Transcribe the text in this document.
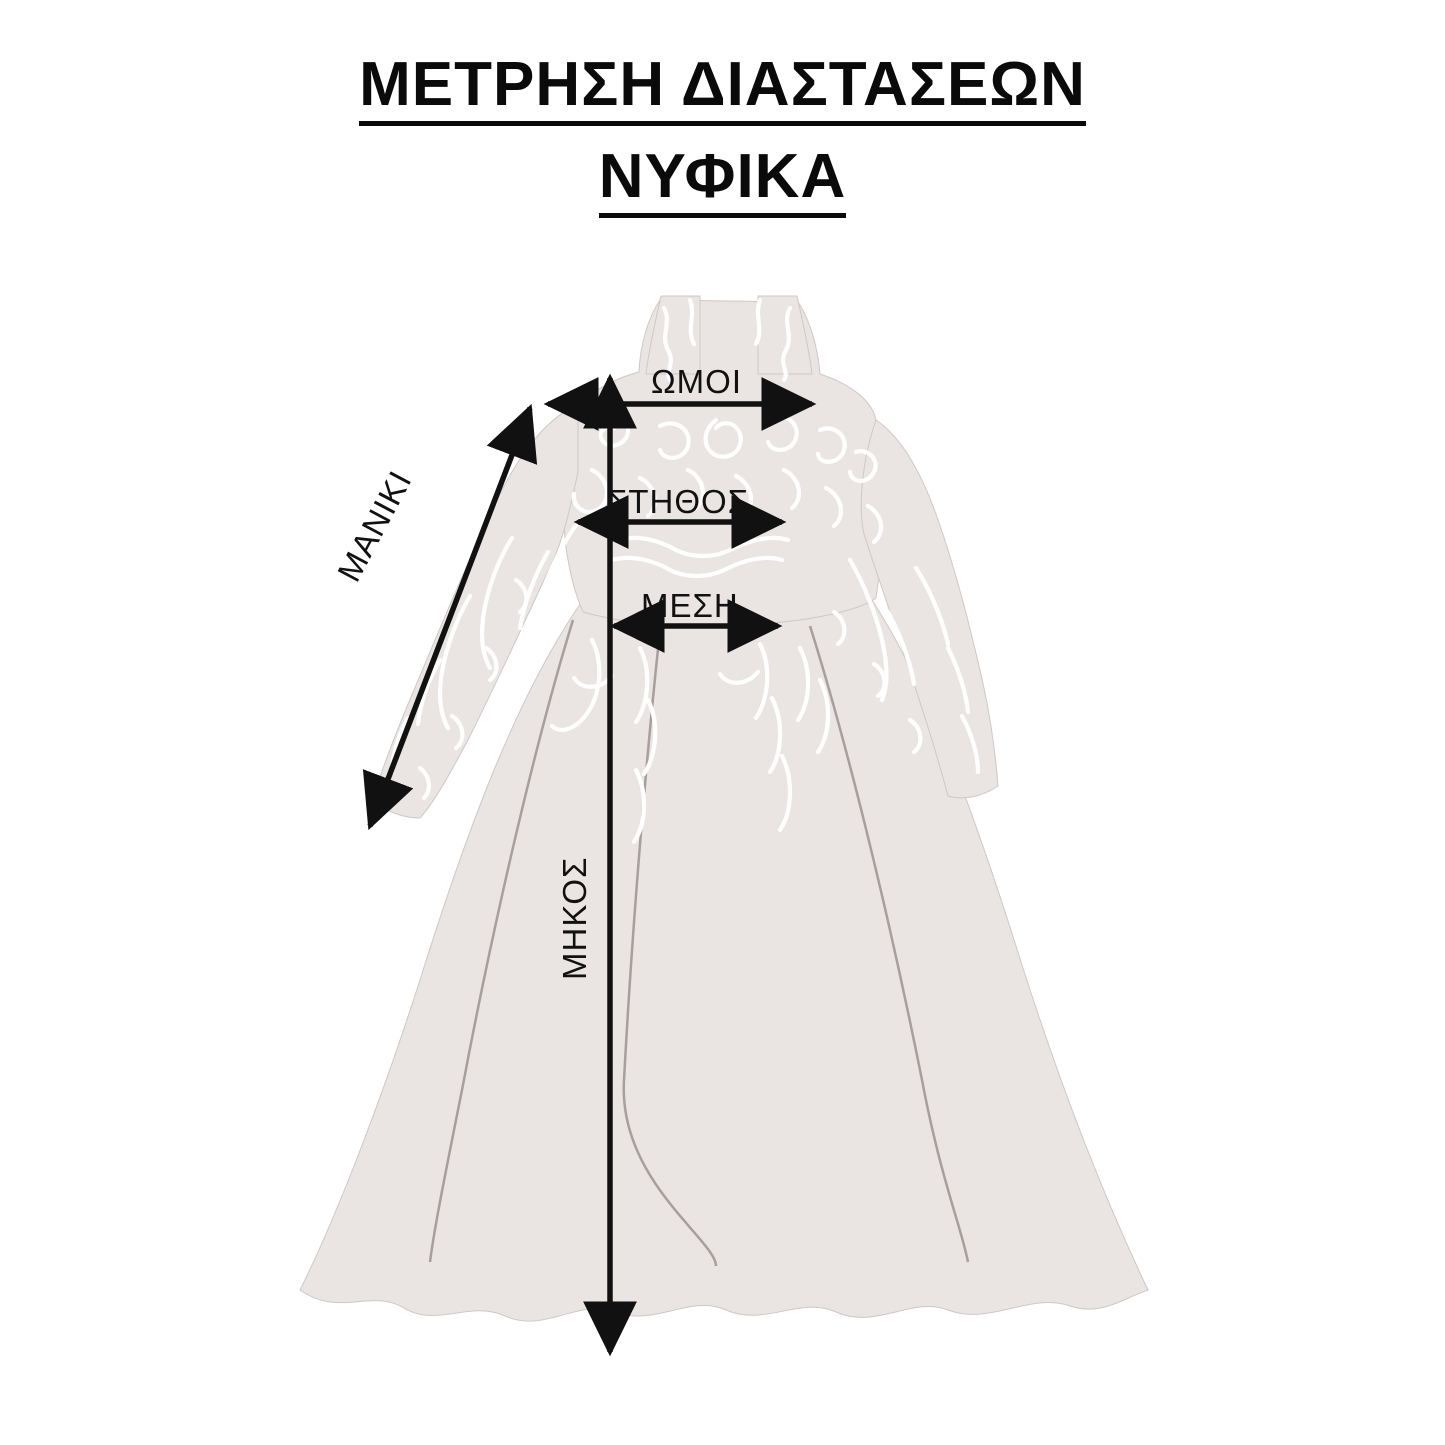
ΜΕΤΡΗΣΗ ΔΙΑΣΤΑΣΕΩΝ
ΝΥΦΙΚΑ
ΩΜΟΙ
ΣΤΗΘΟΣ
ΜΕΣΗ
ΜΑΝΙΚΙ
ΜΗΚΟΣ
